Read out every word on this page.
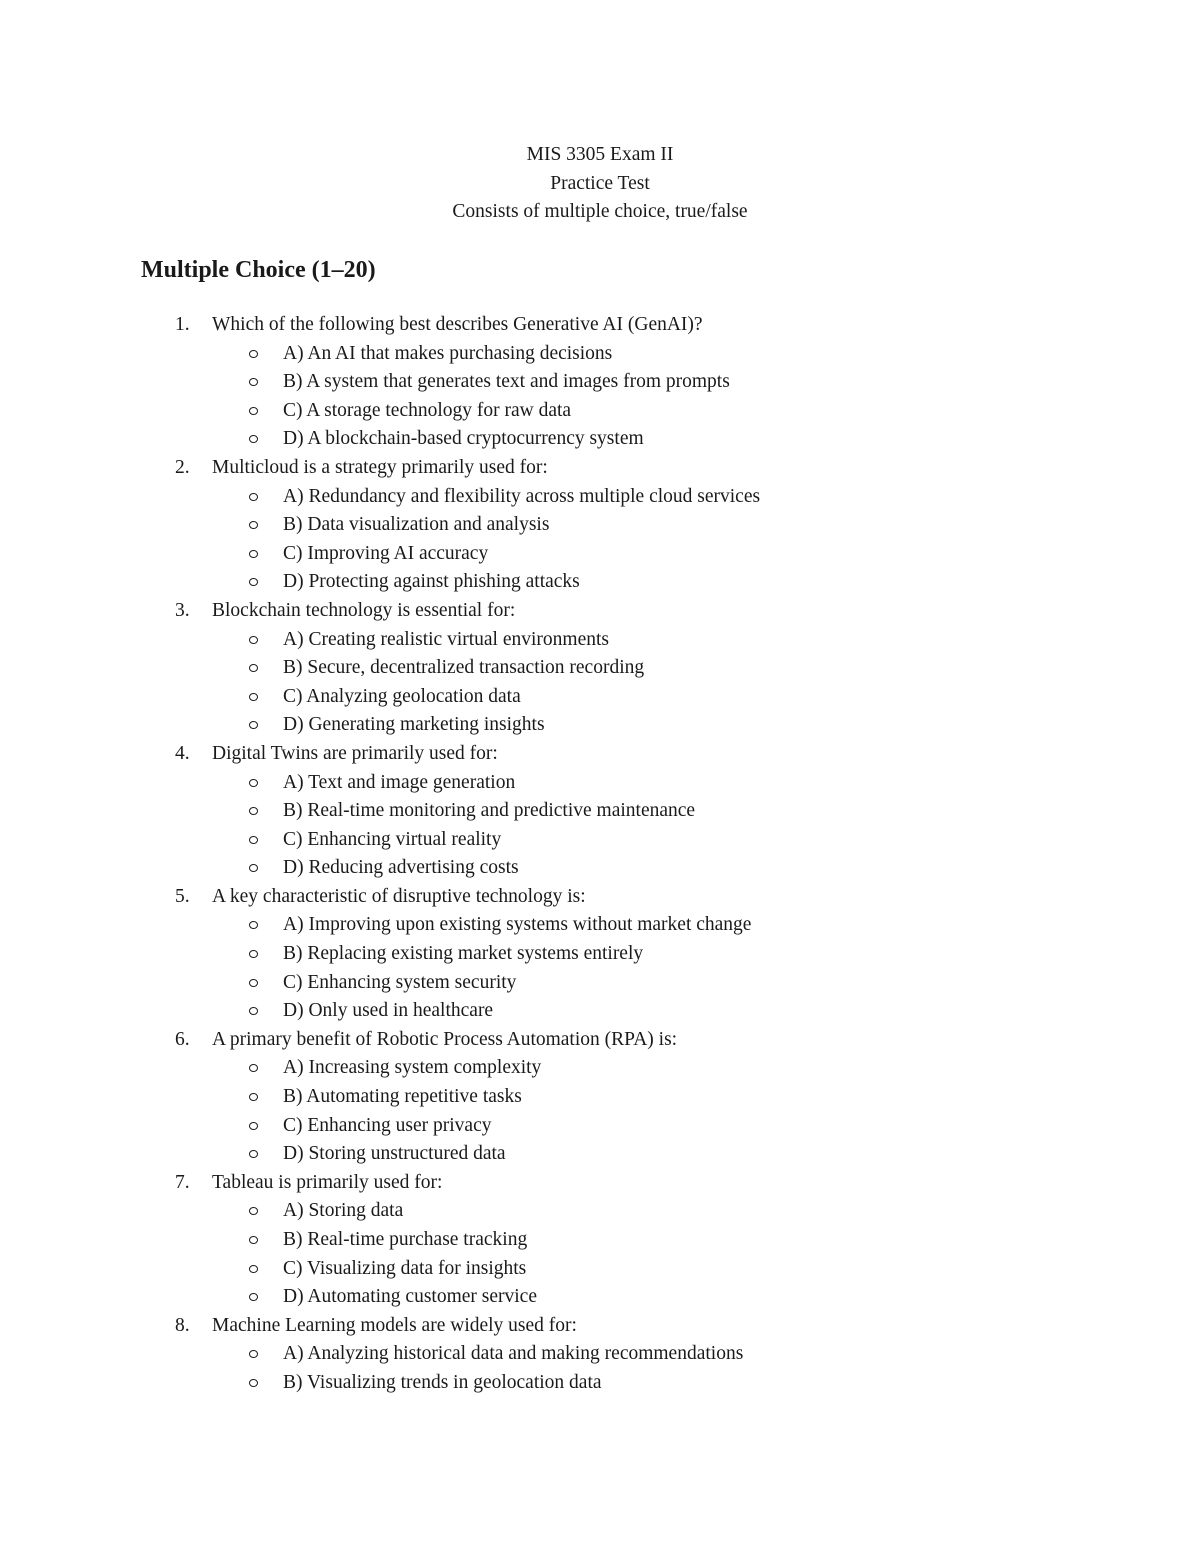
MIS 3305 Exam II
Practice Test
Consists of multiple choice, true/false
Multiple Choice (1–20)
1. Which of the following best describes Generative AI (GenAI)?
A) An AI that makes purchasing decisions
B) A system that generates text and images from prompts
C) A storage technology for raw data
D) A blockchain-based cryptocurrency system
2. Multicloud is a strategy primarily used for:
A) Redundancy and flexibility across multiple cloud services
B) Data visualization and analysis
C) Improving AI accuracy
D) Protecting against phishing attacks
3. Blockchain technology is essential for:
A) Creating realistic virtual environments
B) Secure, decentralized transaction recording
C) Analyzing geolocation data
D) Generating marketing insights
4. Digital Twins are primarily used for:
A) Text and image generation
B) Real-time monitoring and predictive maintenance
C) Enhancing virtual reality
D) Reducing advertising costs
5. A key characteristic of disruptive technology is:
A) Improving upon existing systems without market change
B) Replacing existing market systems entirely
C) Enhancing system security
D) Only used in healthcare
6. A primary benefit of Robotic Process Automation (RPA) is:
A) Increasing system complexity
B) Automating repetitive tasks
C) Enhancing user privacy
D) Storing unstructured data
7. Tableau is primarily used for:
A) Storing data
B) Real-time purchase tracking
C) Visualizing data for insights
D) Automating customer service
8. Machine Learning models are widely used for:
A) Analyzing historical data and making recommendations
B) Visualizing trends in geolocation data
